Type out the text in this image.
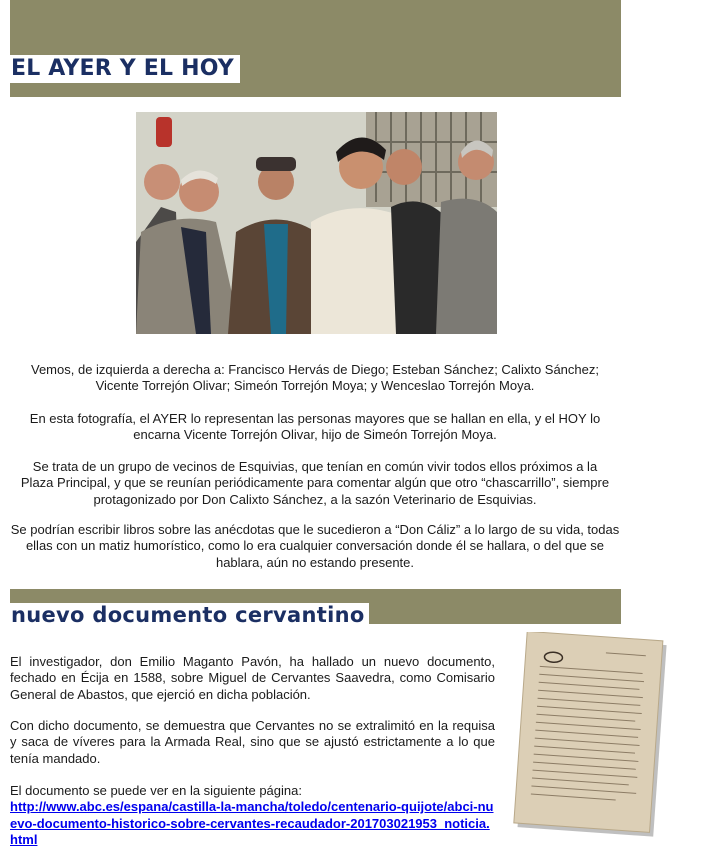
EL AYER Y EL HOY
Vemos, de izquierda a derecha a: Francisco Hervás de Diego; Esteban Sánchez; Calixto Sánchez; Vicente Torrejón Olivar; Simeón Torrejón Moya; y Wenceslao Torrejón Moya.
En esta fotografía, el AYER lo representan las personas mayores que se hallan en ella, y el HOY lo encarna Vicente Torrejón Olivar, hijo de Simeón Torrejón Moya.
Se trata de un grupo de vecinos de Esquivias, que tenían en común vivir todos ellos próximos a la Plaza Principal, y que se reunían periódicamente para comentar algún que otro “chascarrillo”, siempre protagonizado por Don Calixto Sánchez, a la sazón Veterinario de Esquivias.
Se podrían escribir libros sobre las anécdotas que le sucedieron a “Don Cáliz” a lo largo de su vida, todas ellas con un matiz humorístico, como lo era cualquier conversación donde él se hallara, o del que se hablara, aún no estando presente.
nuevo documento cervantino
El investigador, don Emilio Maganto Pavón, ha hallado un nuevo documento, fechado en Écija en 1588, sobre Miguel de Cervantes Saavedra, como Comisario General de Abastos, que ejerció en dicha población.
Con dicho documento, se demuestra que Cervantes no se extralimitó en la requisa y saca de víveres para la Armada Real, sino que se ajustó estrictamente a lo que tenía mandado.
El documento se puede ver en la siguiente página:
http://www.abc.es/espana/castilla-la-mancha/toledo/centenario-quijote/abci-nuevo-documento-historico-sobre-cervantes-recaudador-201703021953_noticia.html
